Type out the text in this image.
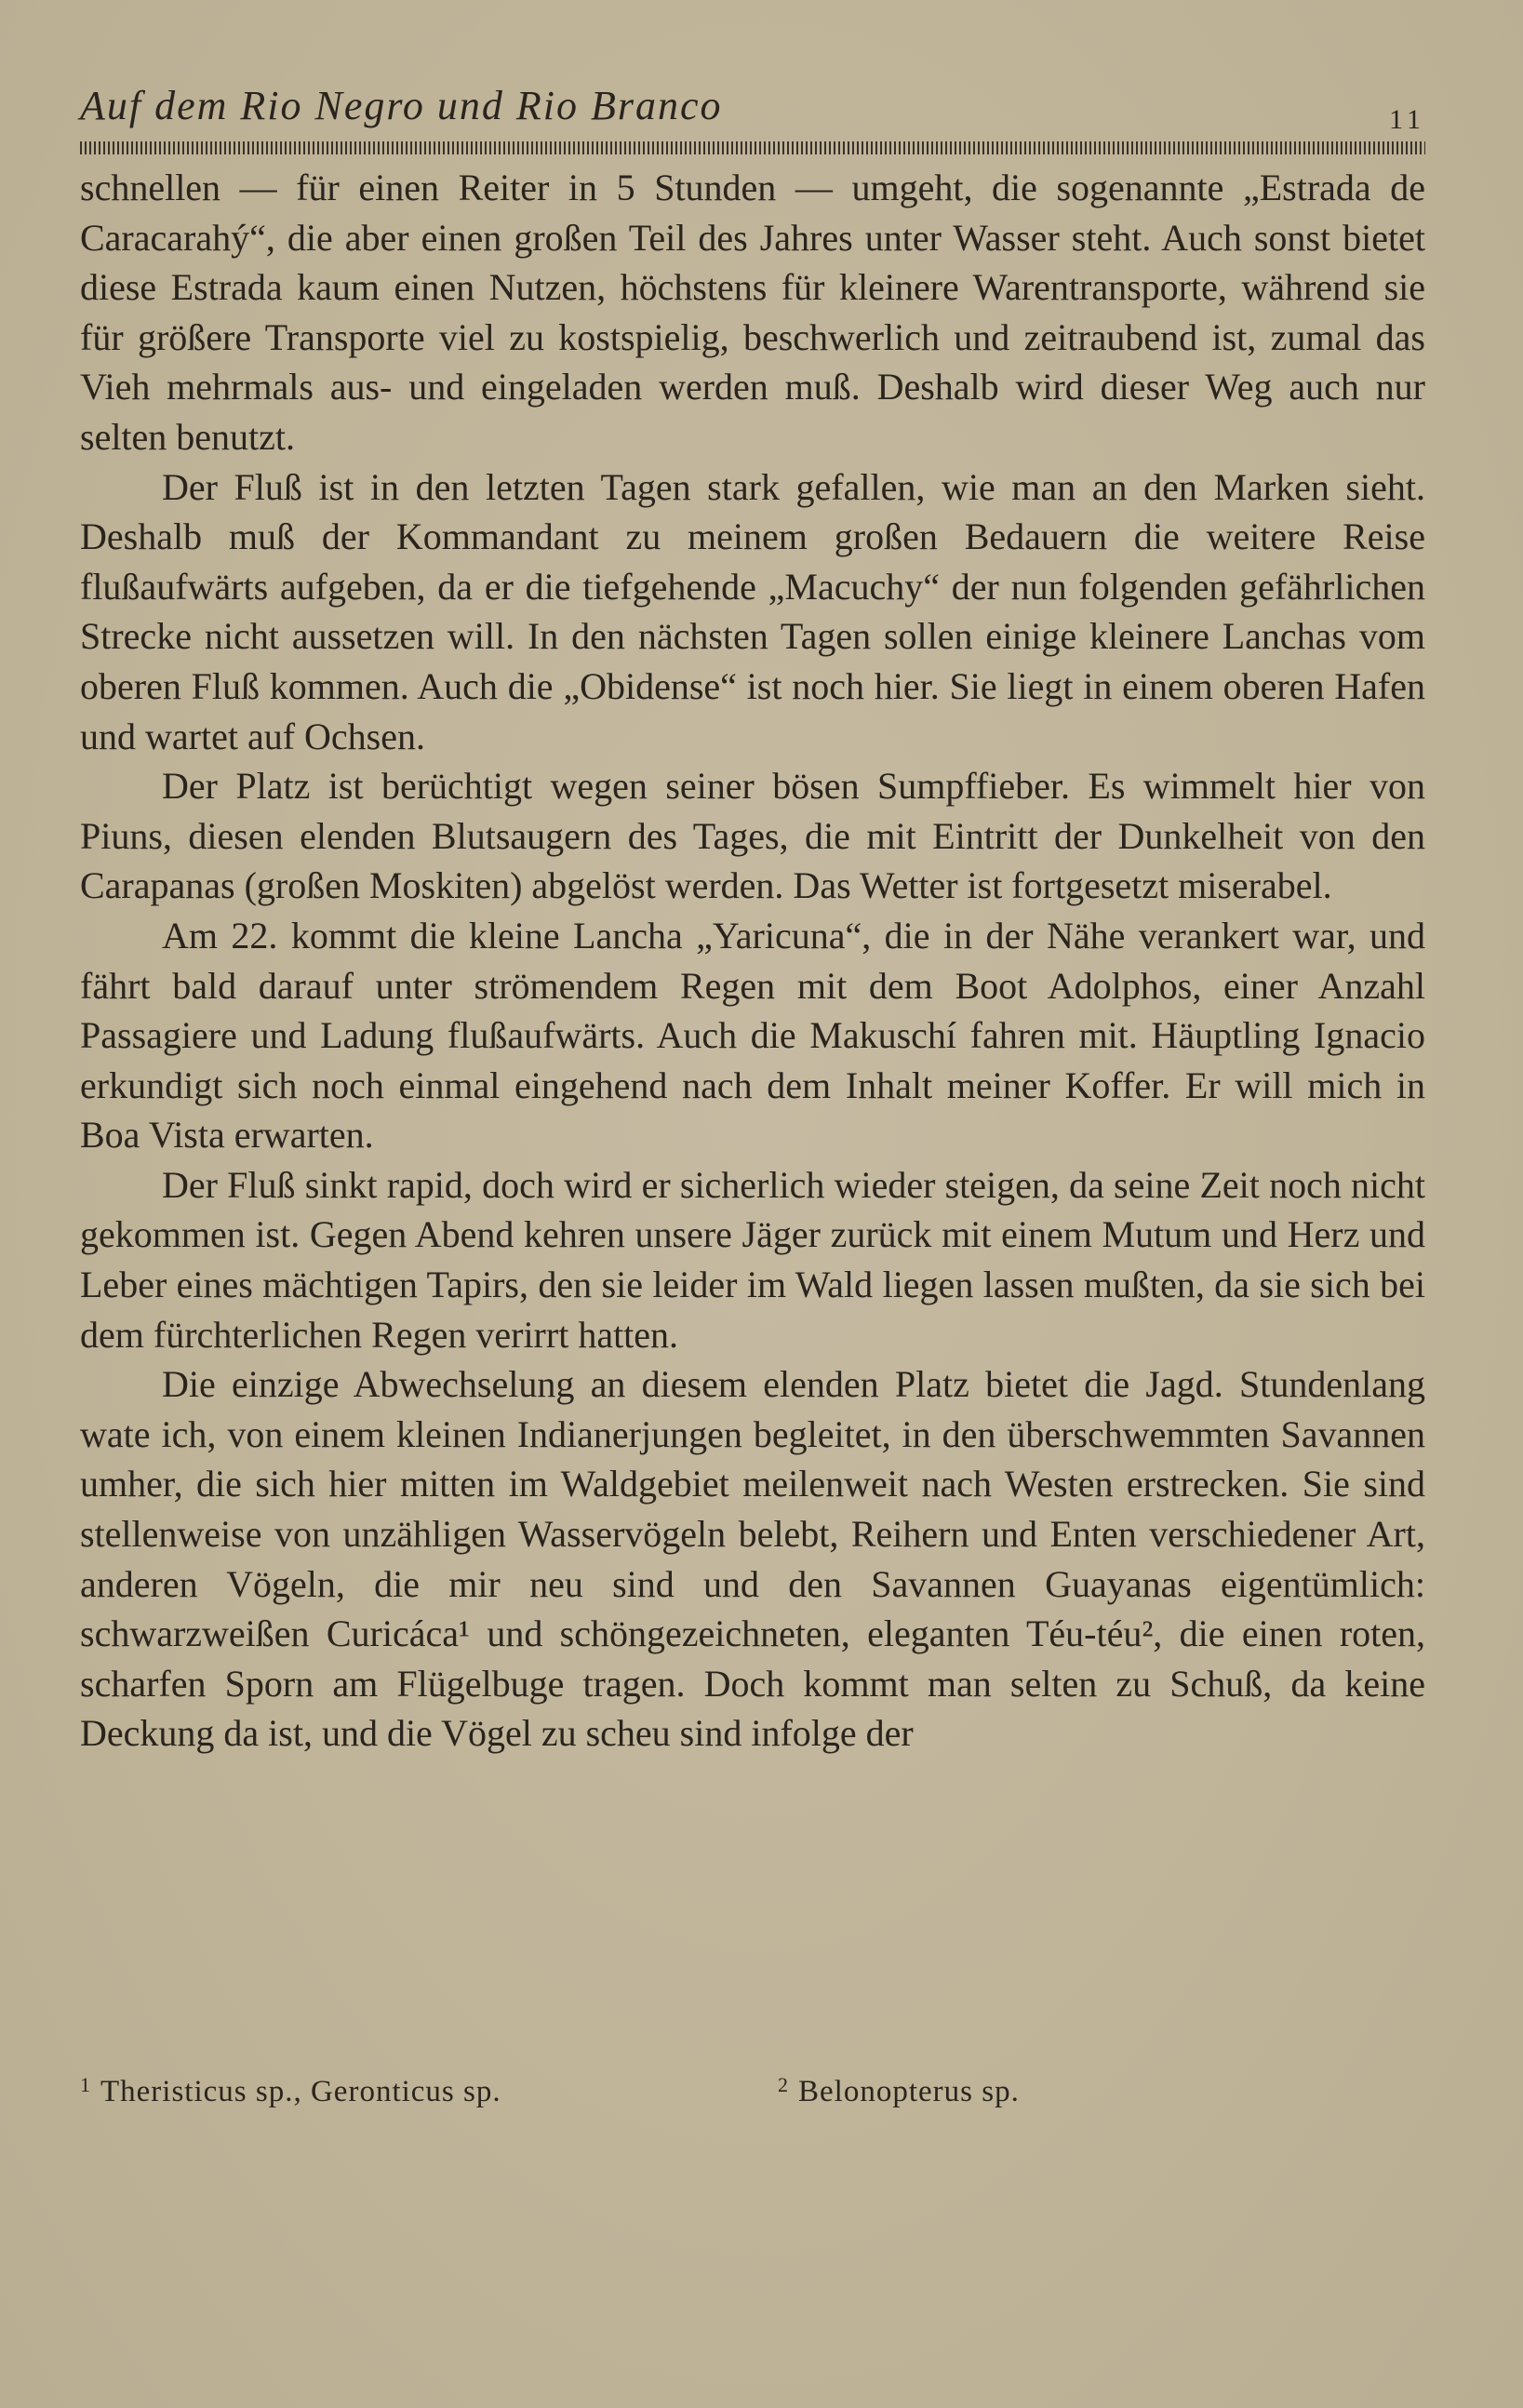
Auf dem Rio Negro und Rio Branco	11

schnellen — für einen Reiter in 5 Stunden — umgeht, die sogenannte „Estrada de Caracarahý“, die aber einen großen Teil des Jahres unter Wasser steht. Auch sonst bietet diese Estrada kaum einen Nutzen, höchstens für kleinere Warentransporte, während sie für größere Transporte viel zu kostspielig, beschwerlich und zeitraubend ist, zumal das Vieh mehrmals aus- und eingeladen werden muß. Deshalb wird dieser Weg auch nur selten benutzt.

Der Fluß ist in den letzten Tagen stark gefallen, wie man an den Marken sieht. Deshalb muß der Kommandant zu meinem großen Bedauern die weitere Reise flußaufwärts aufgeben, da er die tiefgehende „Macuchy“ der nun folgenden gefährlichen Strecke nicht aussetzen will. In den nächsten Tagen sollen einige kleinere Lanchas vom oberen Fluß kommen. Auch die „Obidense“ ist noch hier. Sie liegt in einem oberen Hafen und wartet auf Ochsen.

Der Platz ist berüchtigt wegen seiner bösen Sumpffieber. Es wimmelt hier von Piuns, diesen elenden Blutsaugern des Tages, die mit Eintritt der Dunkelheit von den Carapanas (großen Moskiten) abgelöst werden. Das Wetter ist fortgesetzt miserabel.

Am 22. kommt die kleine Lancha „Yaricuna“, die in der Nähe verankert war, und fährt bald darauf unter strömendem Regen mit dem Boot Adolphos, einer Anzahl Passagiere und Ladung flußaufwärts. Auch die Makuschí fahren mit. Häuptling Ignacio erkundigt sich noch einmal eingehend nach dem Inhalt meiner Koffer. Er will mich in Boa Vista erwarten.

Der Fluß sinkt rapid, doch wird er sicherlich wieder steigen, da seine Zeit noch nicht gekommen ist. Gegen Abend kehren unsere Jäger zurück mit einem Mutum und Herz und Leber eines mächtigen Tapirs, den sie leider im Wald liegen lassen mußten, da sie sich bei dem fürchterlichen Regen verirrt hatten.

Die einzige Abwechselung an diesem elenden Platz bietet die Jagd. Stundenlang wate ich, von einem kleinen Indianerjungen begleitet, in den überschwemmten Savannen umher, die sich hier mitten im Waldgebiet meilenweit nach Westen erstrecken. Sie sind stellenweise von unzähligen Wasservögeln belebt, Reihern und Enten verschiedener Art, anderen Vögeln, die mir neu sind und den Savannen Guayanas eigentümlich: schwarzweißen Curicáca¹ und schöngezeichneten, eleganten Téu-téu², die einen roten, scharfen Sporn am Flügelbuge tragen. Doch kommt man selten zu Schuß, da keine Deckung da ist, und die Vögel zu scheu sind infolge der

$^1$ Theristicus sp., Geronticus sp.	$^2$ Belonopterus sp.
